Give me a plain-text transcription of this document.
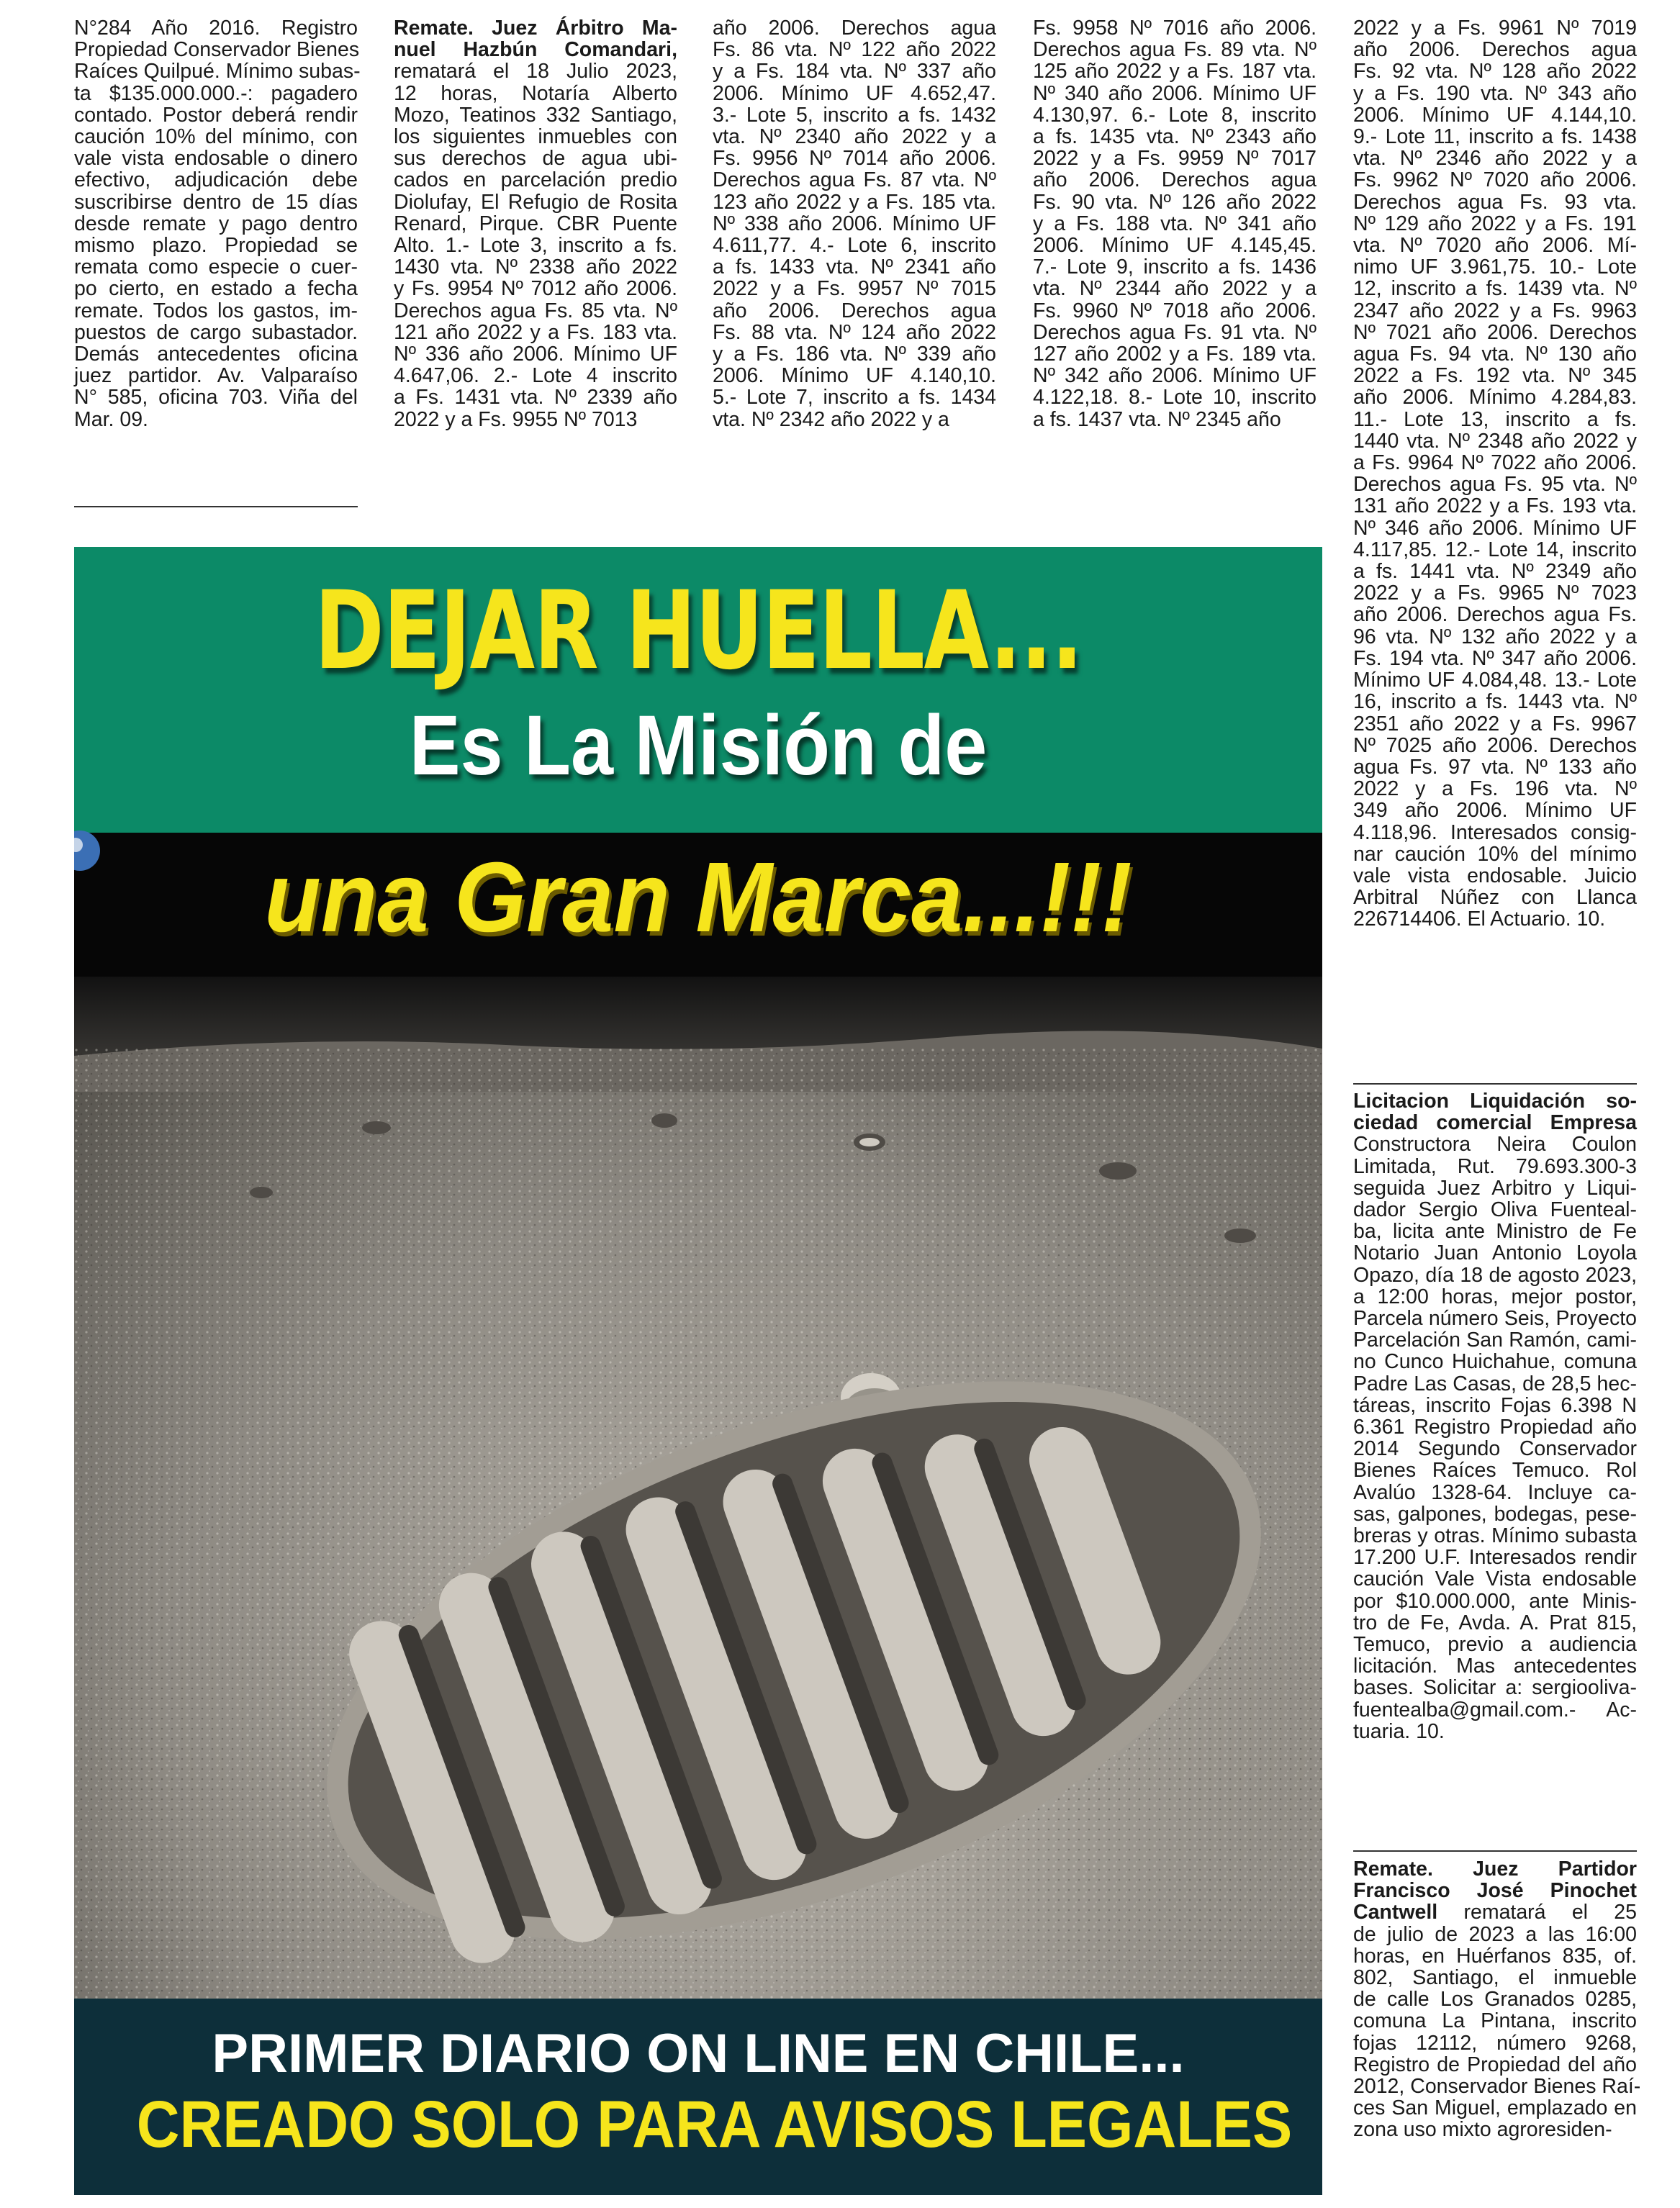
N°284 Año 2016. Registro
Propiedad Conservador Bienes
Raíces Quilpué. Mínimo subas-
ta $135.000.000.-: pagadero
contado. Postor deberá rendir
caución 10% del mínimo, con
vale vista endosable o dinero
efectivo, adjudicación debe
suscribirse dentro de 15 días
desde remate y pago dentro
mismo plazo. Propiedad se
remata como especie o cuer-
po cierto, en estado a fecha
remate. Todos los gastos, im-
puestos de cargo subastador.
Demás antecedentes oficina
juez partidor. Av. Valparaíso
N° 585, oficina 703. Viña del
Mar. 09.
Remate. Juez Árbitro Ma-
nuel Hazbún Comandari,
rematará el 18 Julio 2023,
12 horas, Notaría Alberto
Mozo, Teatinos 332 Santiago,
los siguientes inmuebles con
sus derechos de agua ubi-
cados en parcelación predio
Diolufay, El Refugio de Rosita
Renard, Pirque. CBR Puente
Alto. 1.- Lote 3, inscrito a fs.
1430 vta. Nº 2338 año 2022
y Fs. 9954 Nº 7012 año 2006.
Derechos agua Fs. 85 vta. Nº
121 año 2022 y a Fs. 183 vta.
Nº 336 año 2006. Mínimo UF
4.647,06. 2.- Lote 4 inscrito
a Fs. 1431 vta. Nº 2339 año
2022 y a Fs. 9955 Nº 7013
año 2006. Derechos agua
Fs. 86 vta. Nº 122 año 2022
y a Fs. 184 vta. Nº 337 año
2006. Mínimo UF 4.652,47.
3.- Lote 5, inscrito a fs. 1432
vta. Nº 2340 año 2022 y a
Fs. 9956 Nº 7014 año 2006.
Derechos agua Fs. 87 vta. Nº
123 año 2022 y a Fs. 185 vta.
Nº 338 año 2006. Mínimo UF
4.611,77. 4.- Lote 6, inscrito
a fs. 1433 vta. Nº 2341 año
2022 y a Fs. 9957 Nº 7015
año 2006. Derechos agua
Fs. 88 vta. Nº 124 año 2022
y a Fs. 186 vta. Nº 339 año
2006. Mínimo UF 4.140,10.
5.- Lote 7, inscrito a fs. 1434
vta. Nº 2342 año 2022 y a
Fs. 9958 Nº 7016 año 2006.
Derechos agua Fs. 89 vta. Nº
125 año 2022 y a Fs. 187 vta.
Nº 340 año 2006. Mínimo UF
4.130,97. 6.- Lote 8, inscrito
a fs. 1435 vta. Nº 2343 año
2022 y a Fs. 9959 Nº 7017
año 2006. Derechos agua
Fs. 90 vta. Nº 126 año 2022
y a Fs. 188 vta. Nº 341 año
2006. Mínimo UF 4.145,45.
7.- Lote 9, inscrito a fs. 1436
vta. Nº 2344 año 2022 y a
Fs. 9960 Nº 7018 año 2006.
Derechos agua Fs. 91 vta. Nº
127 año 2002 y a Fs. 189 vta.
Nº 342 año 2006. Mínimo UF
4.122,18. 8.- Lote 10, inscrito
a fs. 1437 vta. Nº 2345 año
2022 y a Fs. 9961 Nº 7019
año 2006. Derechos agua
Fs. 92 vta. Nº 128 año 2022
y a Fs. 190 vta. Nº 343 año
2006. Mínimo UF 4.144,10.
9.- Lote 11, inscrito a fs. 1438
vta. Nº 2346 año 2022 y a
Fs. 9962 Nº 7020 año 2006.
Derechos agua Fs. 93 vta.
Nº 129 año 2022 y a Fs. 191
vta. Nº 7020 año 2006. Mí-
nimo UF 3.961,75. 10.- Lote
12, inscrito a fs. 1439 vta. Nº
2347 año 2022 y a Fs. 9963
Nº 7021 año 2006. Derechos
agua Fs. 94 vta. Nº 130 año
2022 a Fs. 192 vta. Nº 345
año 2006. Mínimo 4.284,83.
11.- Lote 13, inscrito a fs.
1440 vta. Nº 2348 año 2022 y
a Fs. 9964 Nº 7022 año 2006.
Derechos agua Fs. 95 vta. Nº
131 año 2022 y a Fs. 193 vta.
Nº 346 año 2006. Mínimo UF
4.117,85. 12.- Lote 14, inscrito
a fs. 1441 vta. Nº 2349 año
2022 y a Fs. 9965 Nº 7023
año 2006. Derechos agua Fs.
96 vta. Nº 132 año 2022 y a
Fs. 194 vta. Nº 347 año 2006.
Mínimo UF 4.084,48. 13.- Lote
16, inscrito a fs. 1443 vta. Nº
2351 año 2022 y a Fs. 9967
Nº 7025 año 2006. Derechos
agua Fs. 97 vta. Nº 133 año
2022 y a Fs. 196 vta. Nº
349 año 2006. Mínimo UF
4.118,96. Interesados consig-
nar caución 10% del mínimo
vale vista endosable. Juicio
Arbitral Núñez con Llanca
226714406. El Actuario. 10.
Licitacion Liquidación so-
ciedad comercial Empresa
Constructora Neira Coulon
Limitada, Rut. 79.693.300-3
seguida Juez Arbitro y Liqui-
dador Sergio Oliva Fuenteal-
ba, licita ante Ministro de Fe
Notario Juan Antonio Loyola
Opazo, día 18 de agosto 2023,
a 12:00 horas, mejor postor,
Parcela número Seis, Proyecto
Parcelación San Ramón, cami-
no Cunco Huichahue, comuna
Padre Las Casas, de 28,5 hec-
táreas, inscrito Fojas 6.398 N
6.361 Registro Propiedad año
2014 Segundo Conservador
Bienes Raíces Temuco. Rol
Avalúo 1328-64. Incluye ca-
sas, galpones, bodegas, pese-
breras y otras. Mínimo subasta
17.200 U.F. Interesados rendir
caución Vale Vista endosable
por $10.000.000, ante Minis-
tro de Fe, Avda. A. Prat 815,
Temuco, previo a audiencia
licitación. Mas antecedentes
bases. Solicitar a: sergiooliva-
fuentealba@gmail.com.- Ac-
tuaria. 10.
Remate. Juez Partidor
Francisco José Pinochet
Cantwell rematará el 25
de julio de 2023 a las 16:00
horas, en Huérfanos 835, of.
802, Santiago, el inmueble
de calle Los Granados 0285,
comuna La Pintana, inscrito
fojas 12112, número 9268,
Registro de Propiedad del año
2012, Conservador Bienes Raí-
ces San Miguel, emplazado en
zona uso mixto agroresiden-
DEJAR HUELLA...
Es La Misión de
una Gran Marca...!!!
PRIMER DIARIO ON LINE EN CHILE...
CREADO SOLO PARA AVISOS LEGALES
